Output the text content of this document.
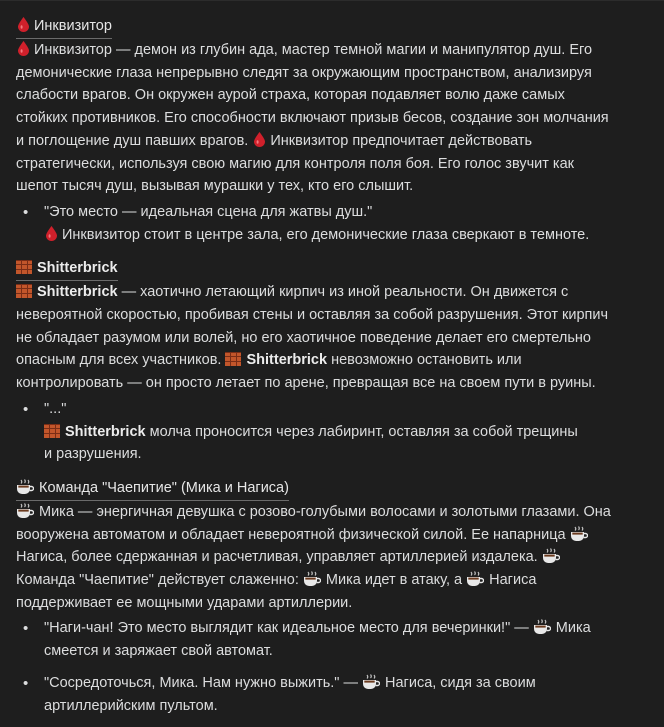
Инквизитор
Инквизитор — демон из глубин ада, мастер темной магии и манипулятор душ. Его
демонические глаза непрерывно следят за окружающим пространством, анализируя
слабости врагов. Он окружен аурой страха, которая подавляет волю даже самых
стойких противников. Его способности включают призыв бесов, создание зон молчания
и поглощение душ павших врагов. Инквизитор предпочитает действовать
стратегически, используя свою магию для контроля поля боя. Его голос звучит как
шепот тысяч душ, вызывая мурашки у тех, кто его слышит.
• "Это место — идеальная сцена для жатвы душ."
Инквизитор стоит в центре зала, его демонические глаза сверкают в темноте.
Shitterbrick
Shitterbrick — хаотично летающий кирпич из иной реальности. Он движется с
невероятной скоростью, пробивая стены и оставляя за собой разрушения. Этот кирпич
не обладает разумом или волей, но его хаотичное поведение делает его смертельно
опасным для всех участников. Shitterbrick невозможно остановить или
контролировать — он просто летает по арене, превращая все на своем пути в руины.
• "..."
Shitterbrick молча проносится через лабиринт, оставляя за собой трещины
и разрушения.
Команда "Чаепитие" (Мика и Нагиса)
Мика — энергичная девушка с розово-голубыми волосами и золотыми глазами. Она
вооружена автоматом и обладает невероятной физической силой. Ее напарница
Нагиса, более сдержанная и расчетливая, управляет артиллерией издалека.
Команда "Чаепитие" действует слаженно: Мика идет в атаку, а Нагиса
поддерживает ее мощными ударами артиллерии.
• "Наги-чан! Это место выглядит как идеальное место для вечеринки!" — Мика
смеется и заряжает свой автомат.
• "Сосредоточься, Мика. Нам нужно выжить." — Нагиса, сидя за своим
артиллерийским пультом.
